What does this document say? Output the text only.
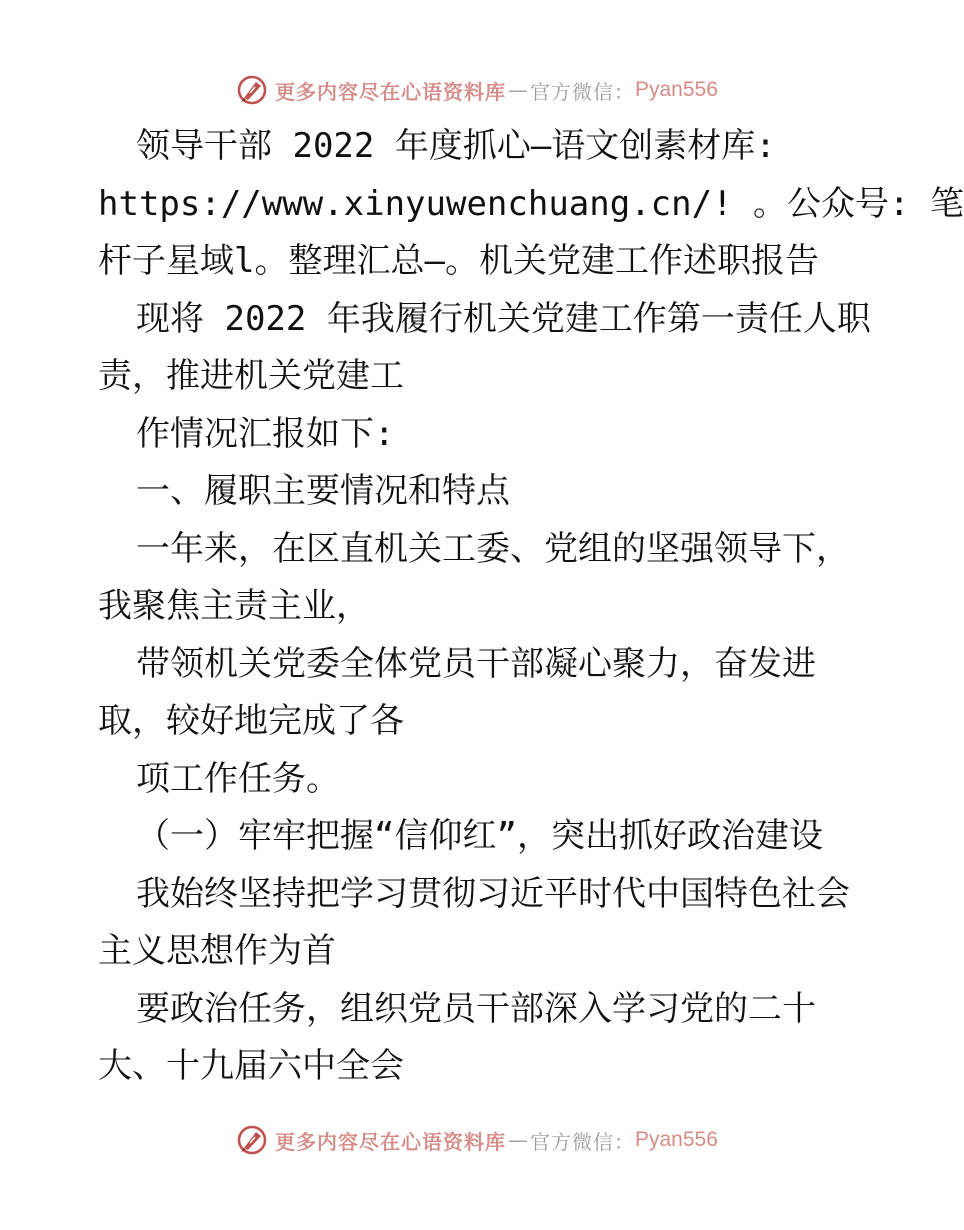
更多内容尽在心语资料库 — 官方微信： Pyan556

领导干部 2022 年度抓心—语文创素材库:

https://www.xinyuwenchuang.cn/! 。公众号: 笔

杆子星域l。整理汇总—。机关党建工作述职报告

现将 2022 年我履行机关党建工作第一责任人职

责，推进机关党建工

作情况汇报如下:

一、履职主要情况和特点

一年来，在区直机关工委、党组的坚强领导下，

我聚焦主责主业，

带领机关党委全体党员干部凝心聚力，奋发进

取，较好地完成了各

项工作任务。

（一）牢牢把握“信仰红”，突出抓好政治建设

我始终坚持把学习贯彻习近平时代中国特色社会

主义思想作为首

要政治任务，组织党员干部深入学习党的二十

大、十九届六中全会

更多内容尽在心语资料库 — 官方微信： Pyan556
